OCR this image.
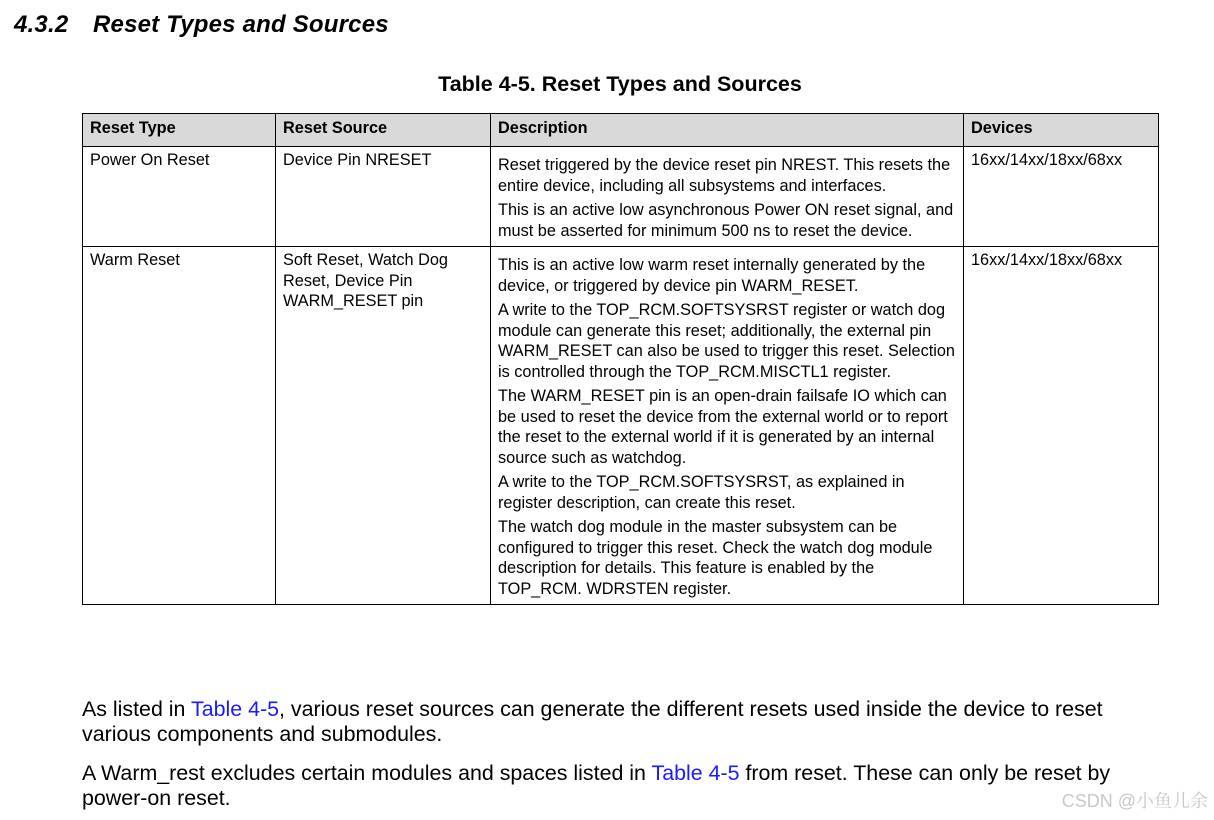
4.3.2 Reset Types and Sources
Table 4-5. Reset Types and Sources
Reset Type	Reset Source	Description	Devices
Power On Reset	Device Pin NRESET	Reset triggered by the device reset pin NREST. This resets the entire device, including all subsystems and interfaces.

This is an active low asynchronous Power ON reset signal, and must be asserted for minimum 500 ns to reset the device.	16xx/14xx/18xx/68xx
Warm Reset	Soft Reset, Watch Dog Reset, Device Pin WARM_RESET pin	This is an active low warm reset internally generated by the device, or triggered by device pin WARM_RESET.

A write to the TOP_RCM.SOFTSYSRST register or watch dog module can generate this reset; additionally, the external pin WARM_RESET can also be used to trigger this reset. Selection is controlled through the TOP_RCM.MISCTL1 register.

The WARM_RESET pin is an open-drain failsafe IO which can be used to reset the device from the external world or to report the reset to the external world if it is generated by an internal source such as watchdog.

A write to the TOP_RCM.SOFTSYSRST, as explained in register description, can create this reset.

The watch dog module in the master subsystem can be configured to trigger this reset. Check the watch dog module description for details. This feature is enabled by the TOP_RCM. WDRSTEN register.	16xx/14xx/18xx/68xx
As listed in Table 4-5, various reset sources can generate the different resets used inside the device to reset various components and submodules.
A Warm_rest excludes certain modules and spaces listed in Table 4-5 from reset. These can only be reset by power-on reset.	CSDN @小鱼儿余
